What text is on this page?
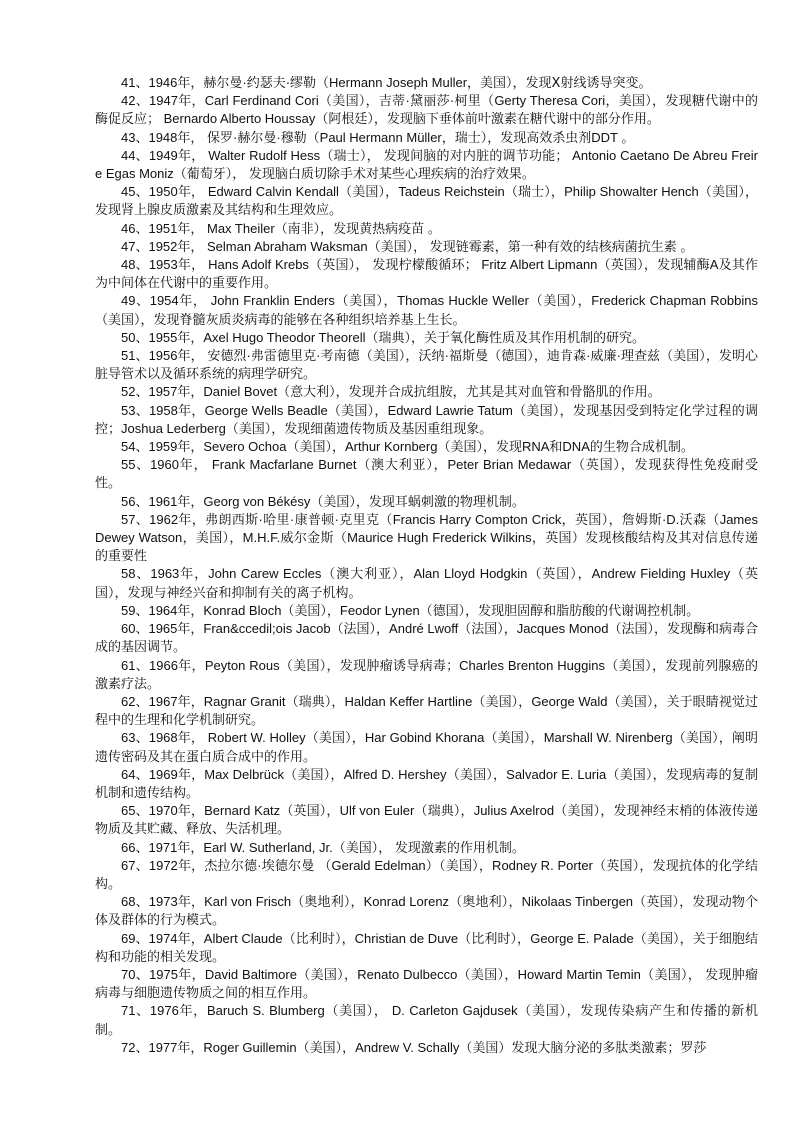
41、1946年，赫尔曼·约瑟夫·缪勒（Hermann Joseph Muller，美国），发现Ⅹ射线诱导突变。

42、1947年，Carl Ferdinand Cori（美国），吉蒂·黛丽莎·柯里（Gerty Theresa Cori，美国），发现糖代谢中的酶促反应； Bernardo Alberto Houssay（阿根廷），发现脑下垂体前叶激素在糖代谢中的部分作用。

43、1948年， 保罗·赫尔曼·穆勒（Paul Hermann Müller，瑞士），发现高效杀虫剂DDT 。

44、1949年， Walter Rudolf Hess（瑞士）， 发现间脑的对内脏的调节功能； Antonio Caetano De Abreu Freire Egas Moniz（葡萄牙）， 发现脑白质切除手术对某些心理疾病的治疗效果。

45、1950年， Edward Calvin Kendall（美国），Tadeus Reichstein（瑞士），Philip Showalter Hench（美国），发现肾上腺皮质激素及其结构和生理效应。

46、1951年， Max Theiler（南非），发现黄热病疫苗 。

47、1952年， Selman Abraham Waksman（美国）， 发现链霉素，第一种有效的结核病菌抗生素 。

48、1953年， Hans Adolf Krebs（英国）， 发现柠檬酸循环； Fritz Albert Lipmann（英国），发现辅酶A及其作为中间体在代谢中的重要作用。

49、1954年， John Franklin Enders（美国），Thomas Huckle Weller（美国），Frederick Chapman Robbins（美国），发现脊髓灰质炎病毒的能够在各种组织培养基上生长。

50、1955年，Axel Hugo Theodor Theorell（瑞典），关于氧化酶性质及其作用机制的研究。

51、1956年， 安德烈·弗雷德里克·考南德（美国），沃纳·福斯曼（德国），迪肯森·威廉·理查兹（美国），发明心脏导管术以及循环系统的病理学研究。

52、1957年，Daniel Bovet（意大利），发现并合成抗组胺，尤其是其对血管和骨骼肌的作用。

53、1958年，George Wells Beadle（美国），Edward Lawrie Tatum（美国），发现基因受到特定化学过程的调控；Joshua Lederberg（美国），发现细菌遗传物质及基因重组现象。

54、1959年，Severo Ochoa（美国），Arthur Kornberg（美国），发现RNA和DNA的生物合成机制。

55、1960年， Frank Macfarlane Burnet（澳大利亚），Peter Brian Medawar（英国），发现获得性免疫耐受性。

56、1961年，Georg von Békésy（美国），发现耳蜗刺激的物理机制。

57、1962年，弗朗西斯·哈里·康普顿·克里克（Francis Harry Compton Crick，英国），詹姆斯·D.沃森（James Dewey Watson，美国），M.H.F.威尔金斯（Maurice Hugh Frederick Wilkins，英国）发现核酸结构及其对信息传递的重要性

58、1963年，John Carew Eccles（澳大利亚），Alan Lloyd Hodgkin（英国），Andrew Fielding Huxley（英国），发现与神经兴奋和抑制有关的离子机构。

59、1964年，Konrad Bloch（美国），Feodor Lynen（德国），发现胆固醇和脂肪酸的代谢调控机制。

60、1965年，Fran&ccedil;ois Jacob（法国），André Lwoff（法国），Jacques Monod（法国），发现酶和病毒合成的基因调节。

61、1966年，Peyton Rous（美国），发现肿瘤诱导病毒；Charles Brenton Huggins（美国），发现前列腺癌的激素疗法。

62、1967年，Ragnar Granit（瑞典），Haldan Keffer Hartline（美国），George Wald（美国），关于眼睛视觉过程中的生理和化学机制研究。

63、1968年， Robert W. Holley（美国），Har Gobind Khorana（美国），Marshall W. Nirenberg（美国），阐明遗传密码及其在蛋白质合成中的作用。

64、1969年，Max Delbrück（美国），Alfred D. Hershey（美国），Salvador E. Luria（美国），发现病毒的复制机制和遗传结构。

65、1970年，Bernard Katz（英国），Ulf von Euler（瑞典），Julius Axelrod（美国），发现神经末梢的体液传递物质及其贮藏、释放、失活机理。

66、1971年，Earl W. Sutherland, Jr.（美国）， 发现激素的作用机制。

67、1972年，杰拉尔德·埃德尔曼 （Gerald Edelman）（美国），Rodney R. Porter（英国），发现抗体的化学结构。

68、1973年，Karl von Frisch（奥地利），Konrad Lorenz（奥地利），Nikolaas Tinbergen（英国），发现动物个体及群体的行为模式。

69、1974年，Albert Claude（比利时），Christian de Duve（比利时），George E. Palade（美国），关于细胞结构和功能的相关发现。

70、1975年，David Baltimore（美国），Renato Dulbecco（美国），Howard Martin Temin（美国）， 发现肿瘤病毒与细胞遗传物质之间的相互作用。

71、1976年，Baruch S. Blumberg（美国）， D. Carleton Gajdusek（美国），发现传染病产生和传播的新机制。

72、1977年，Roger Guillemin（美国），Andrew V. Schally（美国）发现大脑分泌的多肽类激素；罗莎
